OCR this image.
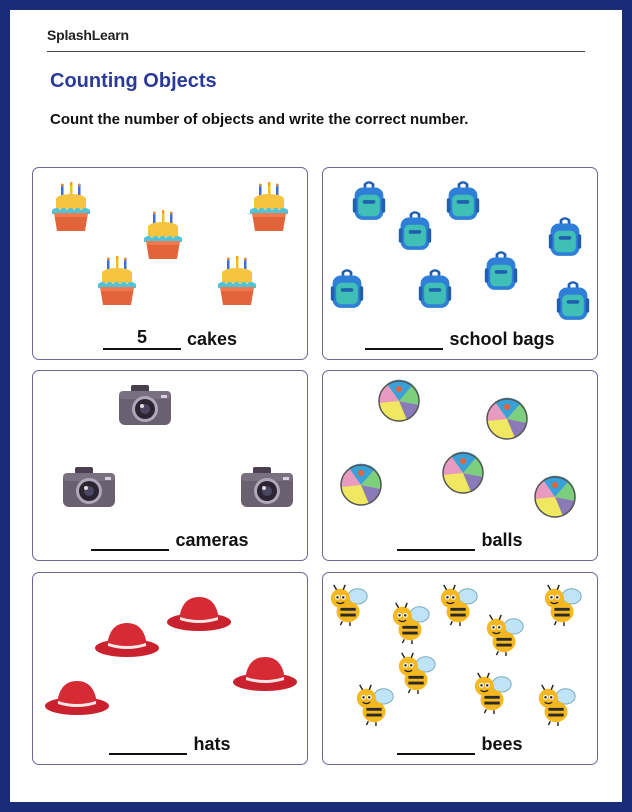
SplashLearn
Counting Objects
Count the number of objects and write the correct number.
5 cakes	school bags
cameras	balls
hats	bees
